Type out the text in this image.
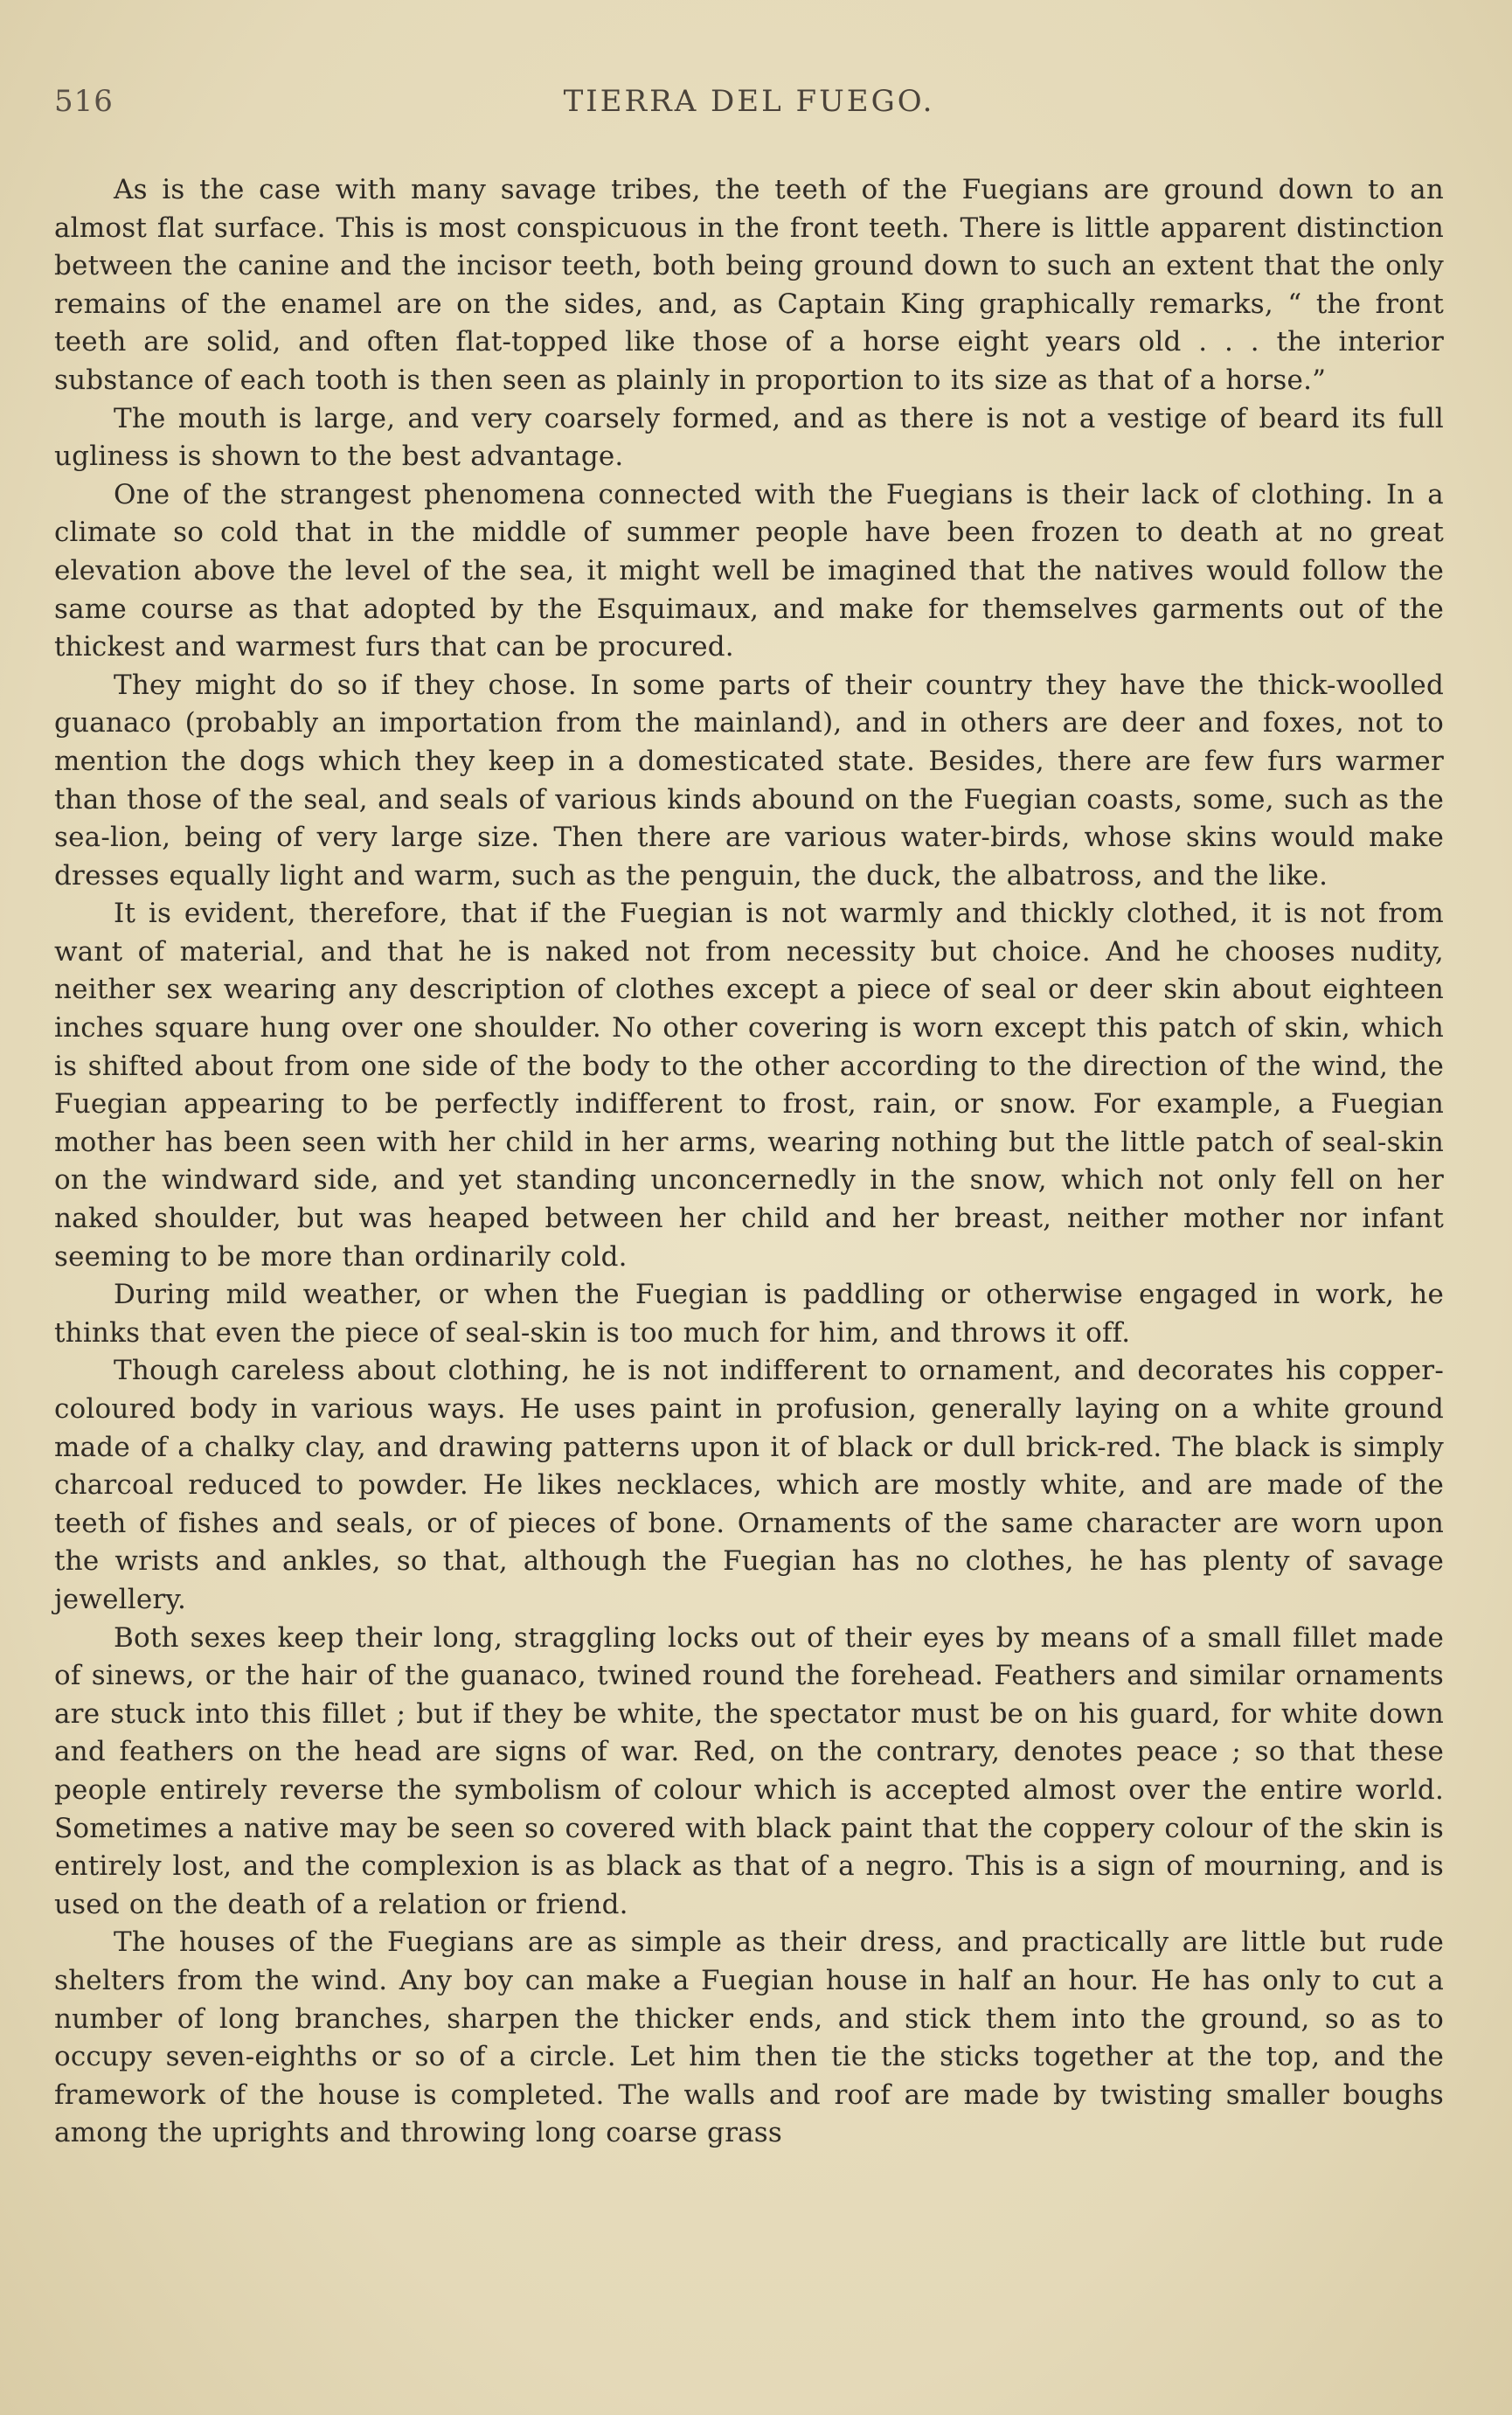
516	TIERRA DEL FUEGO.

As is the case with many savage tribes, the teeth of the Fuegians are ground down to an almost flat surface. This is most conspicuous in the front teeth. There is little apparent distinction between the canine and the incisor teeth, both being ground down to such an extent that the only remains of the enamel are on the sides, and, as Captain King graphically remarks, “ the front teeth are solid, and often flat-topped like those of a horse eight years old . . . the interior substance of each tooth is then seen as plainly in proportion to its size as that of a horse.”

The mouth is large, and very coarsely formed, and as there is not a vestige of beard its full ugliness is shown to the best advantage.

One of the strangest phenomena connected with the Fuegians is their lack of clothing. In a climate so cold that in the middle of summer people have been frozen to death at no great elevation above the level of the sea, it might well be imagined that the natives would follow the same course as that adopted by the Esquimaux, and make for themselves garments out of the thickest and warmest furs that can be procured.

They might do so if they chose. In some parts of their country they have the thick-woolled guanaco (probably an importation from the mainland), and in others are deer and foxes, not to mention the dogs which they keep in a domesticated state. Besides, there are few furs warmer than those of the seal, and seals of various kinds abound on the Fuegian coasts, some, such as the sea-lion, being of very large size. Then there are various water-birds, whose skins would make dresses equally light and warm, such as the penguin, the duck, the albatross, and the like.

It is evident, therefore, that if the Fuegian is not warmly and thickly clothed, it is not from want of material, and that he is naked not from necessity but choice. And he chooses nudity, neither sex wearing any description of clothes except a piece of seal or deer skin about eighteen inches square hung over one shoulder. No other covering is worn except this patch of skin, which is shifted about from one side of the body to the other according to the direction of the wind, the Fuegian appearing to be perfectly indifferent to frost, rain, or snow. For example, a Fuegian mother has been seen with her child in her arms, wearing nothing but the little patch of seal-skin on the windward side, and yet standing unconcernedly in the snow, which not only fell on her naked shoulder, but was heaped between her child and her breast, neither mother nor infant seeming to be more than ordinarily cold.

During mild weather, or when the Fuegian is paddling or otherwise engaged in work, he thinks that even the piece of seal-skin is too much for him, and throws it off.

Though careless about clothing, he is not indifferent to ornament, and decorates his copper-coloured body in various ways. He uses paint in profusion, generally laying on a white ground made of a chalky clay, and drawing patterns upon it of black or dull brick-red. The black is simply charcoal reduced to powder. He likes necklaces, which are mostly white, and are made of the teeth of fishes and seals, or of pieces of bone. Ornaments of the same character are worn upon the wrists and ankles, so that, although the Fuegian has no clothes, he has plenty of savage jewellery.

Both sexes keep their long, straggling locks out of their eyes by means of a small fillet made of sinews, or the hair of the guanaco, twined round the forehead. Feathers and similar ornaments are stuck into this fillet ; but if they be white, the spectator must be on his guard, for white down and feathers on the head are signs of war. Red, on the contrary, denotes peace ; so that these people entirely reverse the symbolism of colour which is accepted almost over the entire world. Sometimes a native may be seen so covered with black paint that the coppery colour of the skin is entirely lost, and the complexion is as black as that of a negro. This is a sign of mourning, and is used on the death of a relation or friend.

The houses of the Fuegians are as simple as their dress, and practically are little but rude shelters from the wind. Any boy can make a Fuegian house in half an hour. He has only to cut a number of long branches, sharpen the thicker ends, and stick them into the ground, so as to occupy seven-eighths or so of a circle. Let him then tie the sticks together at the top, and the framework of the house is completed. The walls and roof are made by twisting smaller boughs among the uprights and throwing long coarse grass
